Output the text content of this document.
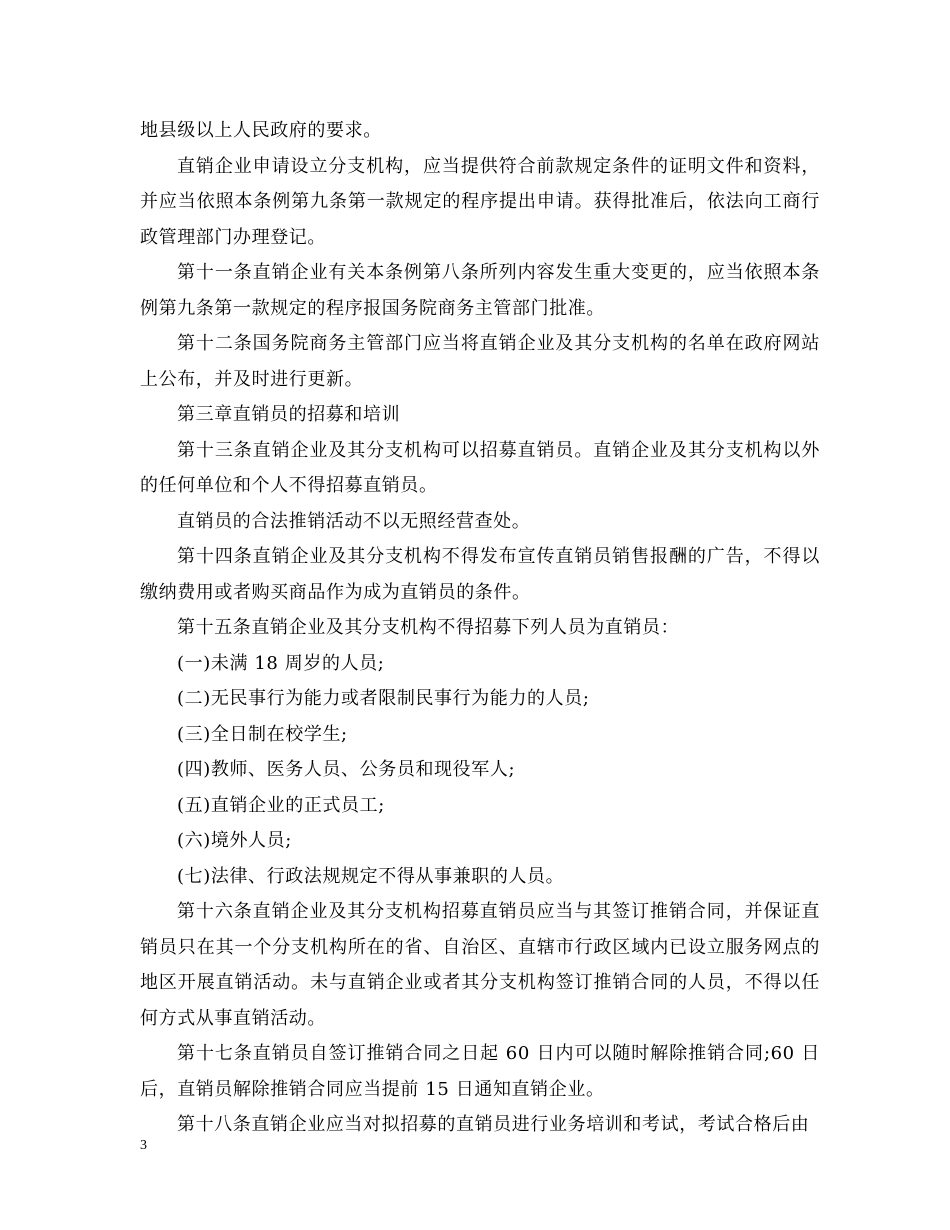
地县级以上人民政府的要求。

直销企业申请设立分支机构，应当提供符合前款规定条件的证明文件和资料，并应当依照本条例第九条第一款规定的程序提出申请。获得批准后，依法向工商行政管理部门办理登记。

第十一条直销企业有关本条例第八条所列内容发生重大变更的，应当依照本条例第九条第一款规定的程序报国务院商务主管部门批准。

第十二条国务院商务主管部门应当将直销企业及其分支机构的名单在政府网站上公布，并及时进行更新。

第三章直销员的招募和培训

第十三条直销企业及其分支机构可以招募直销员。直销企业及其分支机构以外的任何单位和个人不得招募直销员。

直销员的合法推销活动不以无照经营查处。

第十四条直销企业及其分支机构不得发布宣传直销员销售报酬的广告，不得以缴纳费用或者购买商品作为成为直销员的条件。

第十五条直销企业及其分支机构不得招募下列人员为直销员：

(一)未满 18 周岁的人员;

(二)无民事行为能力或者限制民事行为能力的人员;

(三)全日制在校学生;

(四)教师、医务人员、公务员和现役军人;

(五)直销企业的正式员工;

(六)境外人员;

(七)法律、行政法规规定不得从事兼职的人员。

第十六条直销企业及其分支机构招募直销员应当与其签订推销合同，并保证直销员只在其一个分支机构所在的省、自治区、直辖市行政区域内已设立服务网点的地区开展直销活动。未与直销企业或者其分支机构签订推销合同的人员，不得以任何方式从事直销活动。

第十七条直销员自签订推销合同之日起 60 日内可以随时解除推销合同;60 日后，直销员解除推销合同应当提前 15 日通知直销企业。

第十八条直销企业应当对拟招募的直销员进行业务培训和考试，考试合格后由

3
